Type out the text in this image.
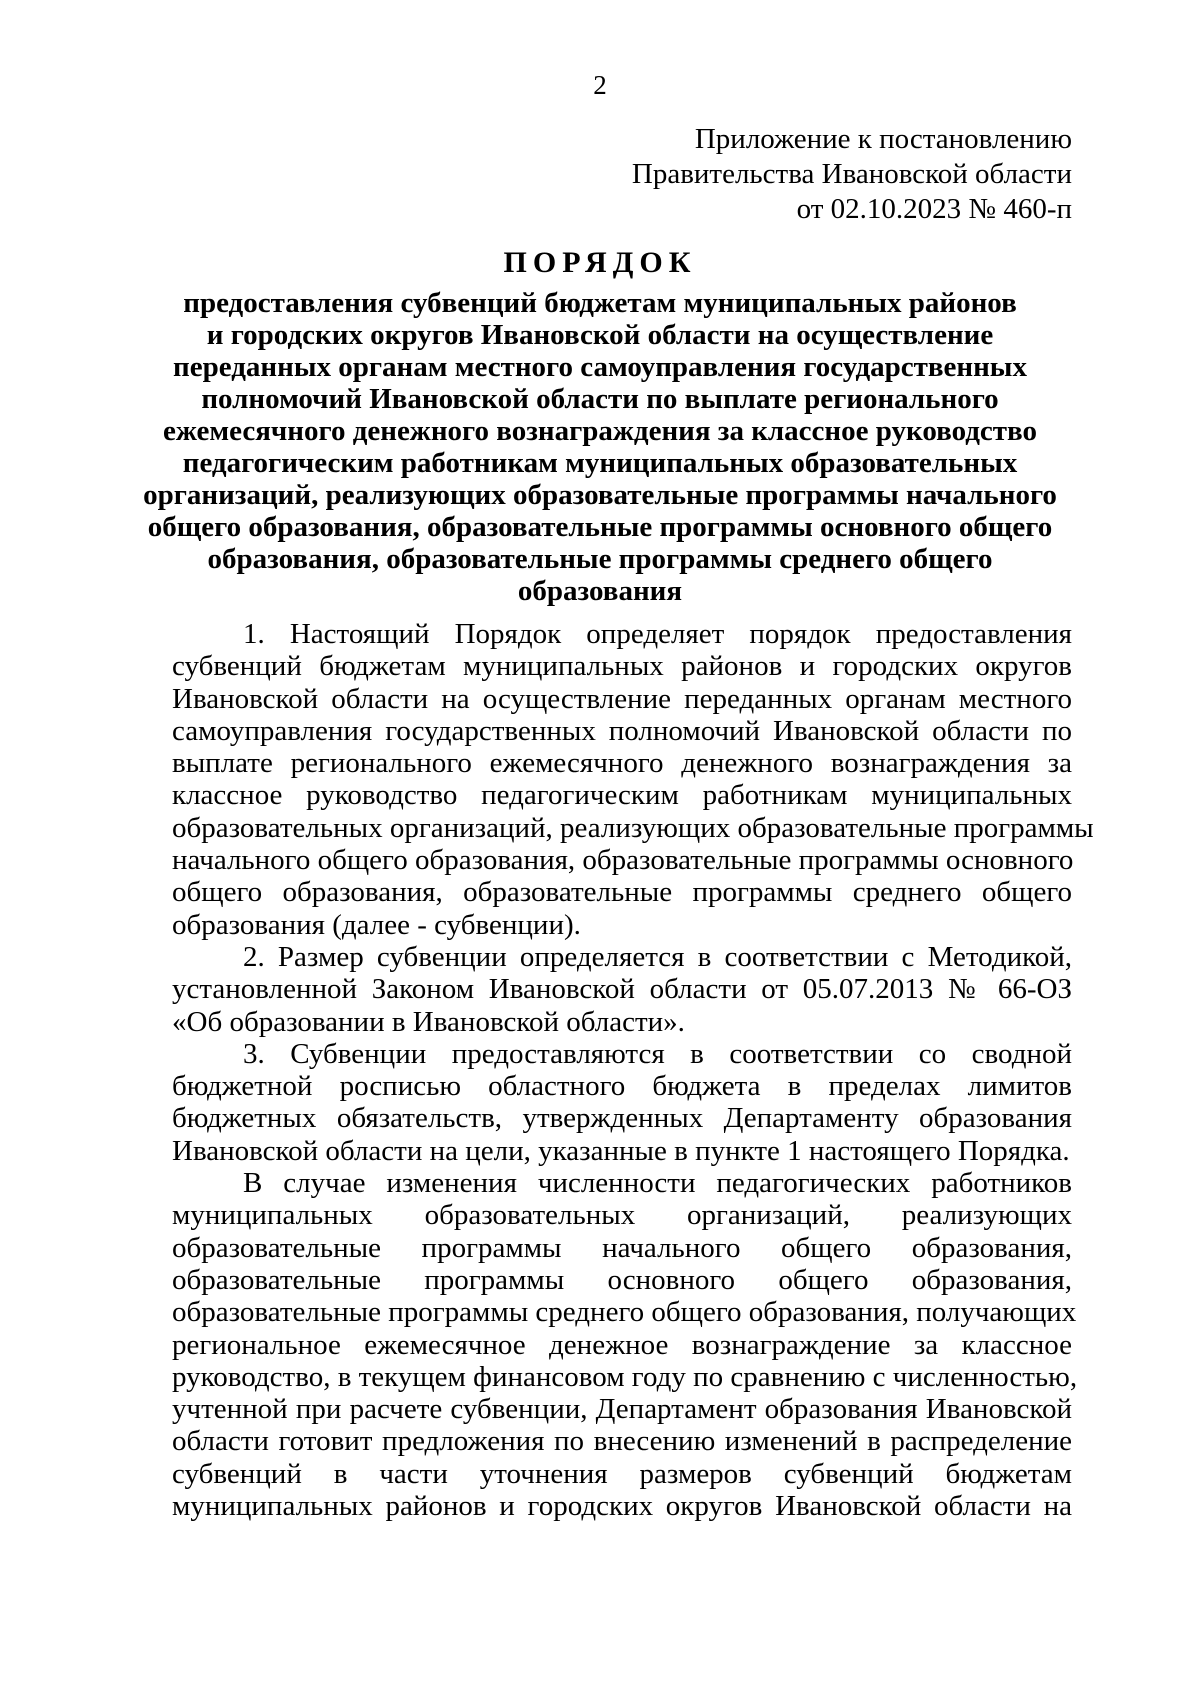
2
Приложение к постановлению
Правительства Ивановской области
от 02.10.2023 № 460-п
ПОРЯДОК
предоставления субвенций бюджетам муниципальных районов
и городских округов Ивановской области на осуществление
переданных органам местного самоуправления государственных
полномочий Ивановской области по выплате регионального
ежемесячного денежного вознаграждения за классное руководство
педагогическим работникам муниципальных образовательных
организаций, реализующих образовательные программы начального
общего образования, образовательные программы основного общего
образования, образовательные программы среднего общего
образования
1. Настоящий Порядок определяет порядок предоставления
субвенций бюджетам муниципальных районов и городских округов
Ивановской области на осуществление переданных органам местного
самоуправления государственных полномочий Ивановской области по
выплате регионального ежемесячного денежного вознаграждения за
классное руководство педагогическим работникам муниципальных
образовательных организаций, реализующих образовательные программы
начального общего образования, образовательные программы основного
общего образования, образовательные программы среднего общего
образования (далее - субвенции).
2. Размер субвенции определяется в соответствии с Методикой,
установленной Законом Ивановской области от 05.07.2013 № 66-ОЗ
«Об образовании в Ивановской области».
3. Субвенции предоставляются в соответствии со сводной
бюджетной росписью областного бюджета в пределах лимитов
бюджетных обязательств, утвержденных Департаменту образования
Ивановской области на цели, указанные в пункте 1 настоящего Порядка.
В случае изменения численности педагогических работников
муниципальных образовательных организаций, реализующих
образовательные программы начального общего образования,
образовательные программы основного общего образования,
образовательные программы среднего общего образования, получающих
региональное ежемесячное денежное вознаграждение за классное
руководство, в текущем финансовом году по сравнению с численностью,
учтенной при расчете субвенции, Департамент образования Ивановской
области готовит предложения по внесению изменений в распределение
субвенций в части уточнения размеров субвенций бюджетам
муниципальных районов и городских округов Ивановской области на
